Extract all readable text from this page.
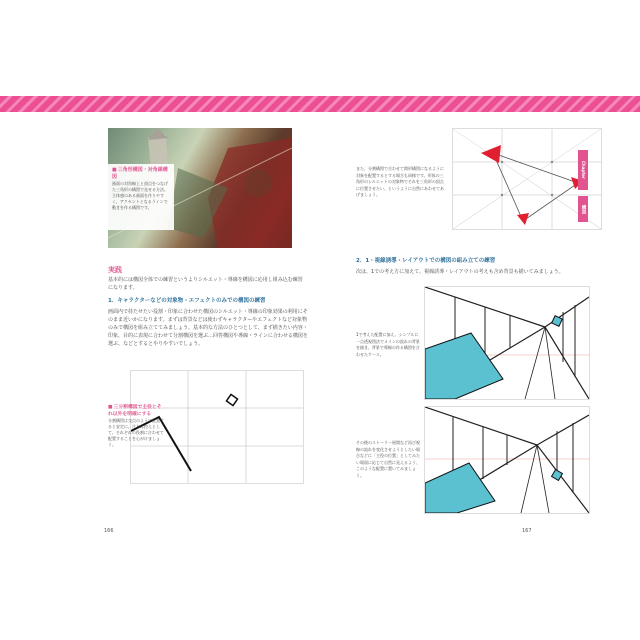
■ 三角形構図・対角線構図
画面の対角線上と頂点をつなげた三角形の構図で見せる方法。立体感のある画面を作りやすく、アクセントとなるラインで動きを作る構図です。
実践
基本的には構図全体での練習というよりシルエット・導線を構図に応用し組み込む練習になります。
1．キャラクターなどの対象物・エフェクトのみでの構図の練習
画面内で持たせたい役割・印象に合わせた構図のシルエット・導線の印象効果の利用にそのまま近いかになります。まずは背景などは使わずキャラクターやエフェクトなど対象物のみで構図を組み立ててみましょう。基本的な方法のひとつとして、まず描きたい内容・印象、目的に表現に合わせて分割構図を選ぶ…回答構図や導線・ラインに合わせる構図を選ぶ、などとするとやりやすいでしょう。
■ 三分割構図で主役とそれ以外を明確にする
分割構図は交点のように配置すると安定に。片方は控えとして、それぞれの役割に合わせて配置することを心がけましょう。
166
また、分割構図で合わせて関形構図になるように対象を配置するとする場合も同様です。形体の三角形のシルエットの対象物でそれを三角形の頂点に位置させたい、というように自然にあわせてあげましょう。
Chapter
構図
2．1・視線誘導・レイアウトでの構図の組み立ての練習
次は、1での考え方に加えて、視線誘導・レイアウトの考えも含め背景も描いてみましょう。
1で考えた配置に加え、シンプルに一点透視図法でメインの流れの背景を描き、背景で導線の作る構図を合わせたケース。
その後のストーリー展開など再び視線の流れを変化させようとしたい場合などに「主役の位置」としてみたい場面に応じて自然に見えるよう、このような配置に置いてみましょう。
167
